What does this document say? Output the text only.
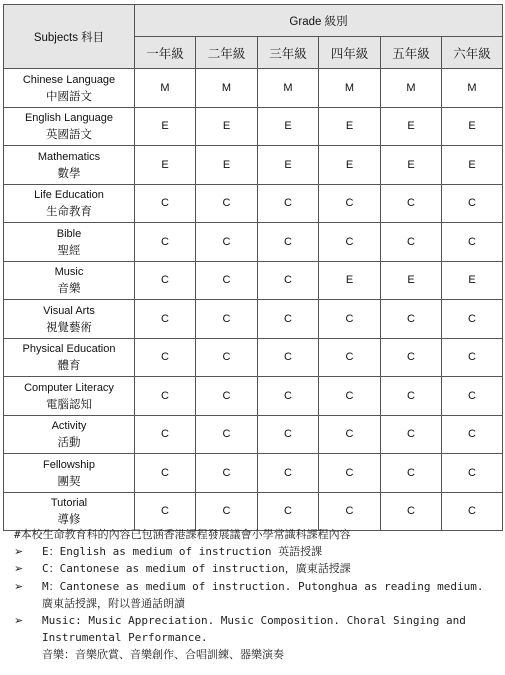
Subjects 科目	Grade 級別					
	一年級	二年級	三年級	四年級	五年級	六年級

Chinese Language
中國語文	M	M	M	M	M	M

English Language
英國語文	E	E	E	E	E	E

Mathematics
數學	E	E	E	E	E	E

Life Education
生命教育	C	C	C	C	C	C

Bible
聖經	C	C	C	C	C	C

Music
音樂	C	C	C	E	E	E

Visual Arts
視覺藝術	C	C	C	C	C	C

Physical Education
體育	C	C	C	C	C	C

Computer Literacy
電腦認知	C	C	C	C	C	C

Activity
活動	C	C	C	C	C	C

Fellowship
團契	C	C	C	C	C	C

Tutorial
導修	C	C	C	C	C	C
#本校生命教育科的內容已包涵香港課程發展議會小學常識科課程內容
➢ E：English as medium of instruction 英語授課
➢ C：Cantonese as medium of instruction，廣東話授課
➢ M：Cantonese as medium of instruction. Putonghua as reading medium.
廣東話授課，附以普通話朗讀
➢ Music: Music Appreciation. Music Composition. Choral Singing and
Instrumental Performance.
音樂：音樂欣賞、音樂創作、合唱訓練、器樂演奏
